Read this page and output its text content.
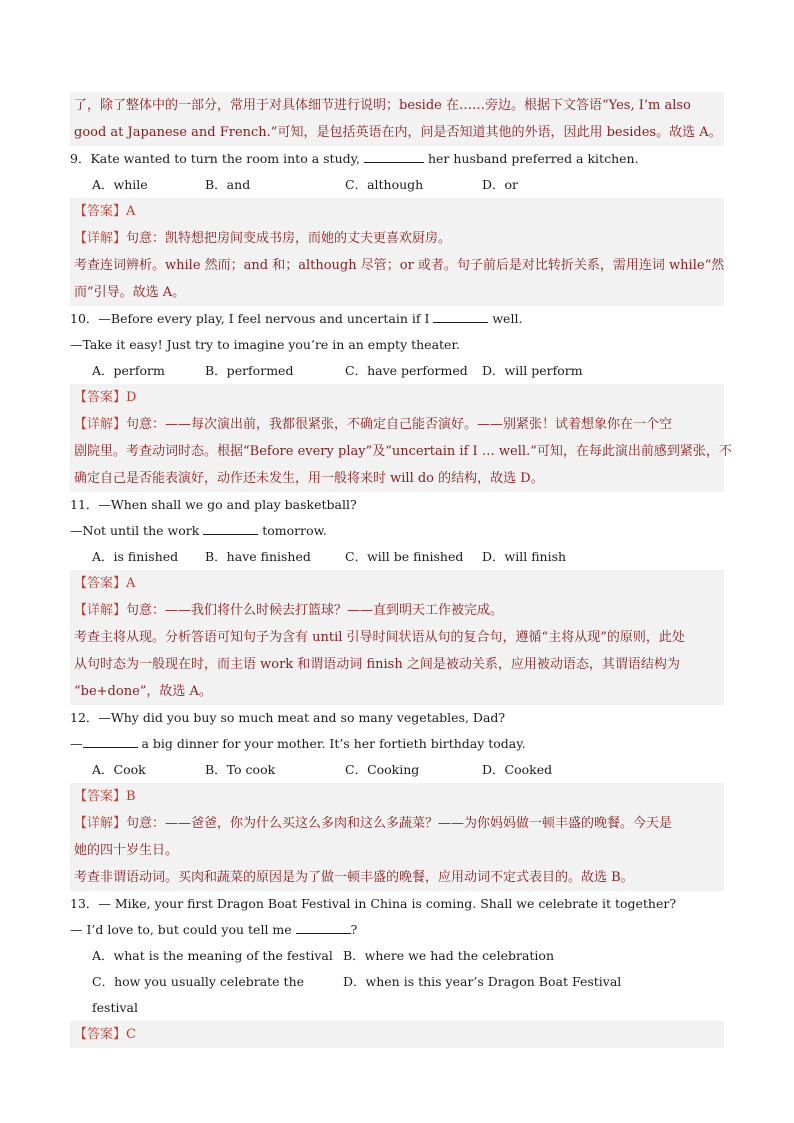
了，除了整体中的一部分，常用于对具体细节进行说明；beside 在……旁边。根据下文答语“Yes, I’m also
good at Japanese and French.”可知，是包括英语在内，问是否知道其他的外语，因此用 besides。故选 A。
9．Kate wanted to turn the room into a study,	her husband preferred a kitchen.
A．while	B．and	C．although	D．or
【答案】A
【详解】句意：凯特想把房间变成书房，而她的丈夫更喜欢厨房。
考查连词辨析。while 然而；and 和；although 尽管；or 或者。句子前后是对比转折关系，需用连词 while“然
而”引导。故选 A。
10．—Before every play, I feel nervous and uncertain if I	well.
—Take it easy! Just try to imagine you’re in an empty theater.
A．perform	B．performed	C．have performed	D．will perform
【答案】D
【详解】句意：——每次演出前，我都很紧张，不确定自己能否演好。——别紧张！试着想象你在一个空
剧院里。考查动词时态。根据“Before every play”及“uncertain if I … well.”可知，在每此演出前感到紧张，不
确定自己是否能表演好，动作还未发生，用一般将来时 will do 的结构，故选 D。
11．—When shall we go and play basketball?
—Not until the work	tomorrow.
A．is finished	B．have finished	C．will be finished	D．will finish
【答案】A
【详解】句意：——我们将什么时候去打篮球？——直到明天工作被完成。
考查主将从现。分析答语可知句子为含有 until 引导时间状语从句的复合句，遵循“主将从现”的原则，此处
从句时态为一般现在时，而主语 work 和谓语动词 finish 之间是被动关系，应用被动语态，其谓语结构为
“be+done”，故选 A。
12．—Why did you buy so much meat and so many vegetables, Dad?
—	a big dinner for your mother. It’s her fortieth birthday today.
A．Cook	B．To cook	C．Cooking	D．Cooked
【答案】B
【详解】句意：——爸爸，你为什么买这么多肉和这么多蔬菜？——为你妈妈做一顿丰盛的晚餐。今天是
她的四十岁生日。
考查非谓语动词。买肉和蔬菜的原因是为了做一顿丰盛的晚餐，应用动词不定式表目的。故选 B。
13．— Mike, your first Dragon Boat Festival in China is coming. Shall we celebrate it together?
— I’d love to, but could you tell me	?
A．what is the meaning of the festival B．where we had the celebration
C．how you usually celebrate the festival
D．when is this year’s Dragon Boat Festival
【答案】C
